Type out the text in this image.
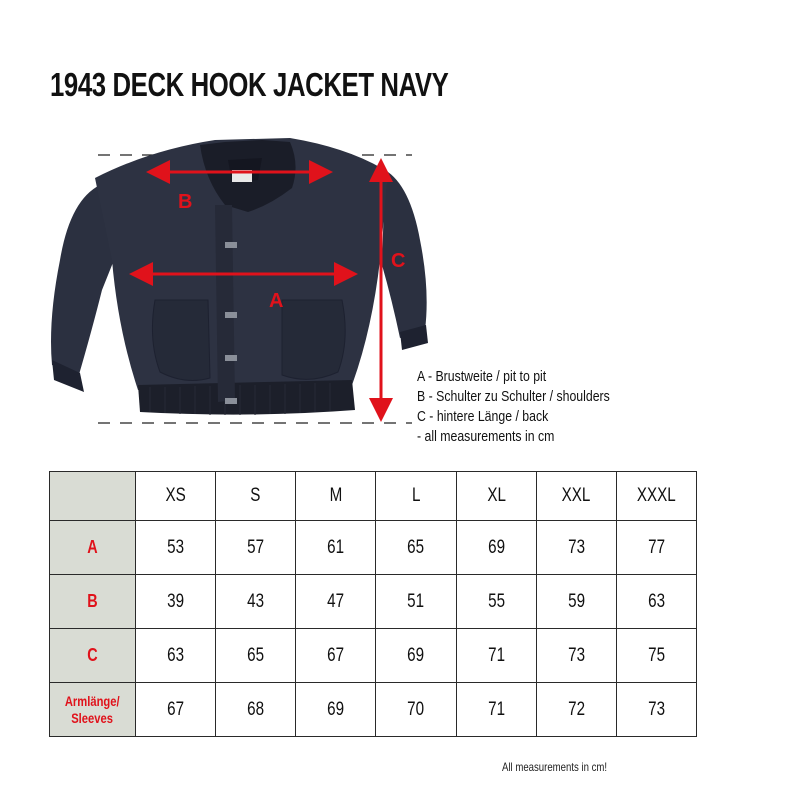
1943 DECK HOOK JACKET NAVY
B
A
C
A - Brustweite / pit to pit
B - Schulter zu Schulter / shoulders
C - hintere Länge / back
- all measurements in cm
	XS	S	M	L	XL	XXL	XXXL
A	53	57	61	65	69	73	77
B	39	43	47	51	55	59	63
C	63	65	67	69	71	73	75
Armlänge/
Sleeves	67	68	69	70	71	72	73
All measurements in cm!
